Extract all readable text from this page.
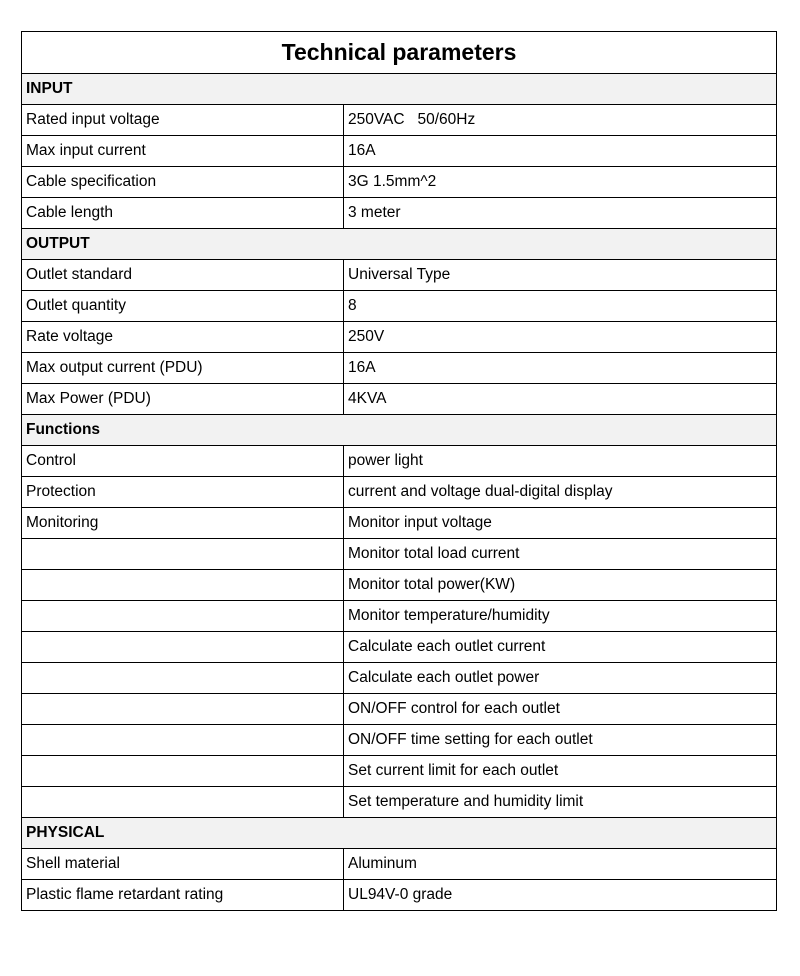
Technical parameters	
INPUT	
Rated input voltage	250VAC   50/60Hz
Max input current	16A
Cable specification	3G 1.5mm^2
Cable length	3 meter
OUTPUT	
Outlet standard	Universal Type
Outlet quantity	8
Rate voltage	250V
Max output current (PDU)	16A
Max Power (PDU)	4KVA
Functions	
Control	power light
Protection	current and voltage dual-digital display
Monitoring	Monitor input voltage
	Monitor total load current
	Monitor total power(KW)
	Monitor temperature/humidity
	Calculate each outlet current
	Calculate each outlet power
	ON/OFF control for each outlet
	ON/OFF time setting for each outlet
	Set current limit for each outlet
	Set temperature and humidity limit
PHYSICAL	
Shell material	Aluminum
Plastic flame retardant rating	UL94V-0 grade
